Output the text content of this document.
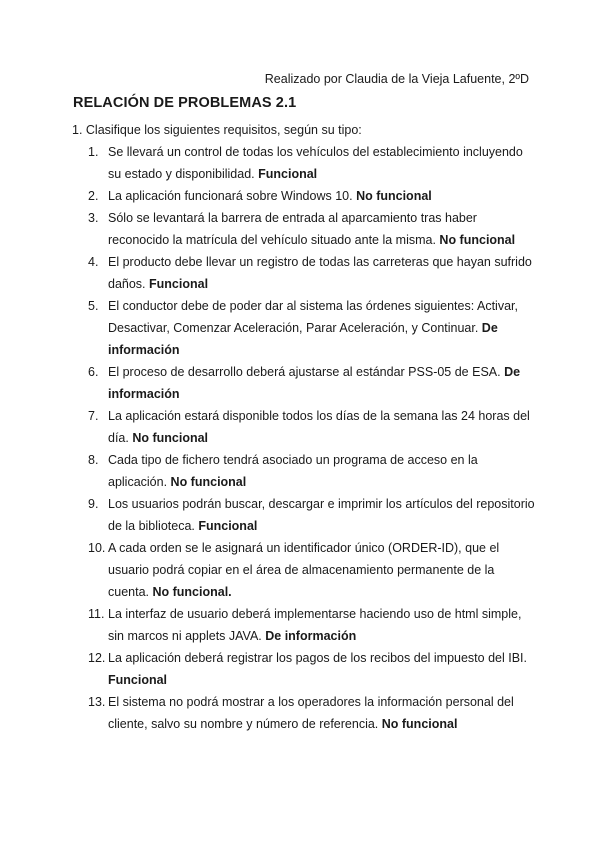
Realizado por Claudia de la Vieja Lafuente, 2ºD
RELACIÓN DE PROBLEMAS 2.1
1. Clasifique los siguientes requisitos, según su tipo:
1. Se llevará un control de todas los vehículos del establecimiento incluyendo su estado y disponibilidad. Funcional
2. La aplicación funcionará sobre Windows 10. No funcional
3. Sólo se levantará la barrera de entrada al aparcamiento tras haber reconocido la matrícula del vehículo situado ante la misma. No funcional
4. El producto debe llevar un registro de todas las carreteras que hayan sufrido daños. Funcional
5. El conductor debe de poder dar al sistema las órdenes siguientes: Activar, Desactivar, Comenzar Aceleración, Parar Aceleración, y Continuar. De información
6. El proceso de desarrollo deberá ajustarse al estándar PSS-05 de ESA. De información
7. La aplicación estará disponible todos los días de la semana las 24 horas del día. No funcional
8. Cada tipo de fichero tendrá asociado un programa de acceso en la aplicación. No funcional
9. Los usuarios podrán buscar, descargar e imprimir los artículos del repositorio de la biblioteca. Funcional
10. A cada orden se le asignará un identificador único (ORDER-ID), que el usuario podrá copiar en el área de almacenamiento permanente de la cuenta. No funcional.
11. La interfaz de usuario deberá implementarse haciendo uso de html simple, sin marcos ni applets JAVA. De información
12. La aplicación deberá registrar los pagos de los recibos del impuesto del IBI. Funcional
13. El sistema no podrá mostrar a los operadores la información personal del cliente, salvo su nombre y número de referencia. No funcional
